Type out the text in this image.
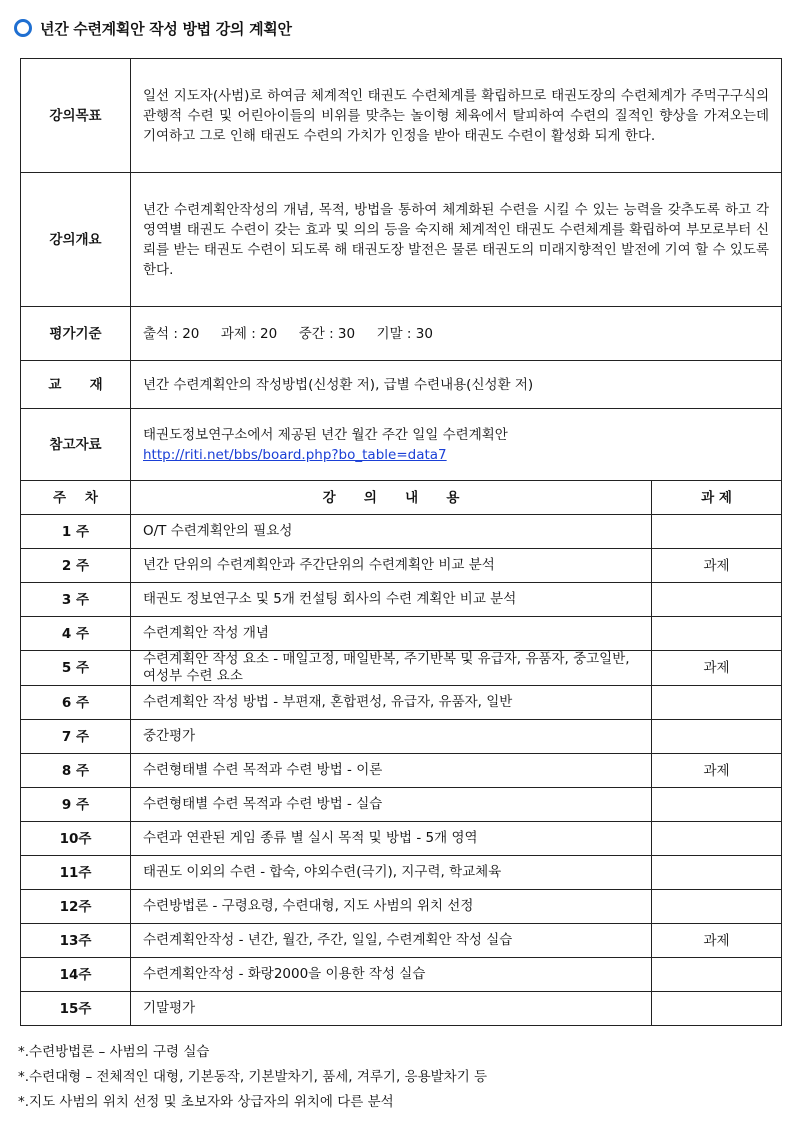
년간 수련계획안 작성 방법 강의 계획안
강의목표	일선 지도자(사범)로 하여금 체계적인 태권도 수련체계를 확립하므로 태권도장의 수련체계가 주먹구구식의 관행적 수련 및 어린아이들의 비위를 맞추는 놀이형 체육에서 탈피하여 수련의 질적인 향상을 가져오는데 기여하고 그로 인해 태권도 수련의 가치가 인정을 받아 태권도 수련이 활성화 되게 한다.	
강의개요	년간 수련계획안작성의 개념, 목적, 방법을 통하여 체계화된 수련을 시킬 수 있는 능력을 갖추도록 하고 각 영역별 태권도 수련이 갖는 효과 및 의의 등을 숙지해 체계적인 태권도 수련체계를 확립하여 부모로부터 신뢰를 받는 태권도 수련이 되도록 해 태권도장 발전은 물론 태권도의 미래지향적인 발전에 기여 할 수 있도록 한다.	
평가기준	출석 : 20     과제 : 20     중간 : 30     기말 : 30	
교      재	년간 수련계획안의 작성방법(신성환 저), 급별 수련내용(신성환 저)	
참고자료	태권도정보연구소에서 제공된 년간 월간 주간 일일 수련계획안
http://riti.net/bbs/board.php?bo_table=data7	

주    차	강      의      내      용	과 제
1 주	O/T 수련계획안의 필요성	
2 주	년간 단위의 수련계획안과 주간단위의 수련계획안 비교 분석	과제
3 주	태권도 정보연구소 및 5개 컨설팅 회사의 수련 계획안 비교 분석	
4 주	수련계획안 작성 개념	
5 주	수련계획안 작성 요소 - 매일고정, 매일반복, 주기반복 및 유급자, 유품자, 중고일반, 여성부 수련 요소	과제
6 주	수련계획안 작성 방법 - 부편재, 혼합편성, 유급자, 유품자, 일반	
7 주	중간평가	
8 주	수련형태별 수련 목적과 수련 방법 - 이론	과제
9 주	수련형태별 수련 목적과 수련 방법 - 실습	
10주	수련과 연관된 게임 종류 별 실시 목적 및 방법 - 5개 영역	
11주	태권도 이외의 수련 - 합숙, 야외수련(극기), 지구력, 학교체육	
12주	수련방법론 - 구령요령, 수련대형, 지도 사범의 위치 선정	
13주	수련계획안작성 - 년간, 월간, 주간, 일일, 수련계획안 작성 실습	과제
14주	수련계획안작성 - 화랑2000을 이용한 작성 실습	
15주	기말평가	
*.수련방법론 – 사범의 구령 실습
*.수련대형 – 전체적인 대형, 기본동작, 기본발차기, 품세, 겨루기, 응용발차기 등
*.지도 사범의 위치 선정 및 초보자와 상급자의 위치에 다른 분석
